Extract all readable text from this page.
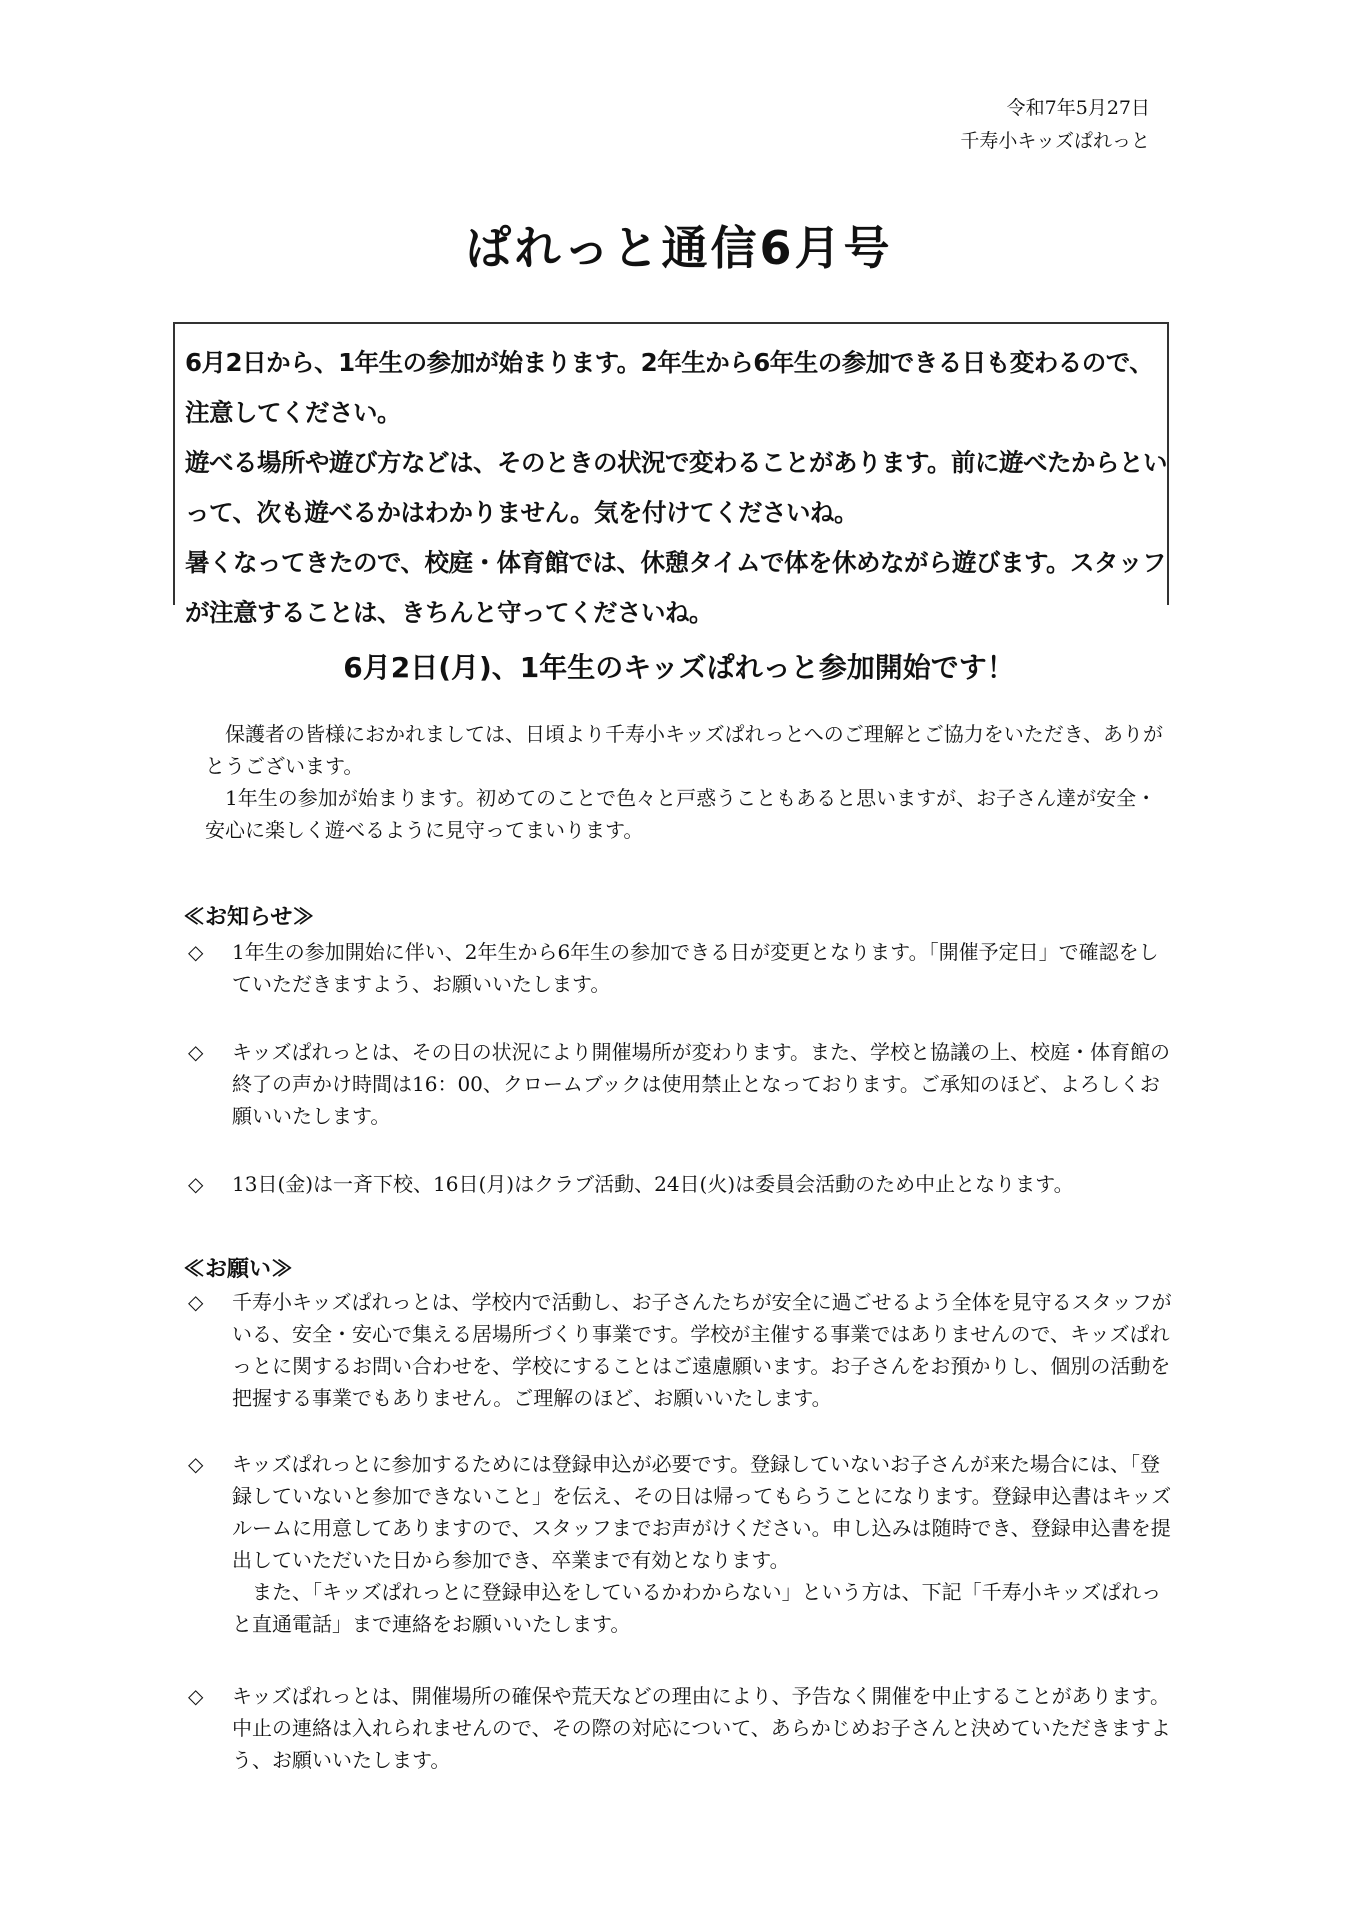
令和7年5月27日
千寿小キッズぱれっと
ぱれっと通信6月号
6月2日から、1年生の参加が始まります。2年生から6年生の参加できる日も変わるので、注意してください。
遊べる場所や遊び方などは、そのときの状況で変わることがあります。前に遊べたからといって、次も遊べるかはわかりません。気を付けてくださいね。
暑くなってきたので、校庭・体育館では、休憩タイムで体を休めながら遊びます。スタッフが注意することは、きちんと守ってくださいね。
6月2日(月)、1年生のキッズぱれっと参加開始です！
　保護者の皆様におかれましては、日頃より千寿小キッズぱれっとへのご理解とご協力をいただき、ありがとうございます。
　1年生の参加が始まります。初めてのことで色々と戸惑うこともあると思いますが、お子さん達が安全・安心に楽しく遊べるように見守ってまいります。
≪お知らせ≫
◇	1年生の参加開始に伴い、2年生から6年生の参加できる日が変更となります。「開催予定日」で確認をしていただきますよう、お願いいたします。
◇	キッズぱれっとは、その日の状況により開催場所が変わります。また、学校と協議の上、校庭・体育館の終了の声かけ時間は16：00、クロームブックは使用禁止となっております。ご承知のほど、よろしくお願いいたします。
◇	13日(金)は一斉下校、16日(月)はクラブ活動、24日(火)は委員会活動のため中止となります。
≪お願い≫
◇	千寿小キッズぱれっとは、学校内で活動し、お子さんたちが安全に過ごせるよう全体を見守るスタッフがいる、安全・安心で集える居場所づくり事業です。学校が主催する事業ではありませんので、キッズぱれっとに関するお問い合わせを、学校にすることはご遠慮願います。お子さんをお預かりし、個別の活動を把握する事業でもありません。ご理解のほど、お願いいたします。
◇	キッズぱれっとに参加するためには登録申込が必要です。登録していないお子さんが来た場合には、「登録していないと参加できないこと」を伝え、その日は帰ってもらうことになります。登録申込書はキッズルームに用意してありますので、スタッフまでお声がけください。申し込みは随時でき、登録申込書を提出していただいた日から参加でき、卒業まで有効となります。
　また、「キッズぱれっとに登録申込をしているかわからない」という方は、下記「千寿小キッズぱれっと直通電話」まで連絡をお願いいたします。
◇	キッズぱれっとは、開催場所の確保や荒天などの理由により、予告なく開催を中止することがあります。中止の連絡は入れられませんので、その際の対応について、あらかじめお子さんと決めていただきますよう、お願いいたします。
